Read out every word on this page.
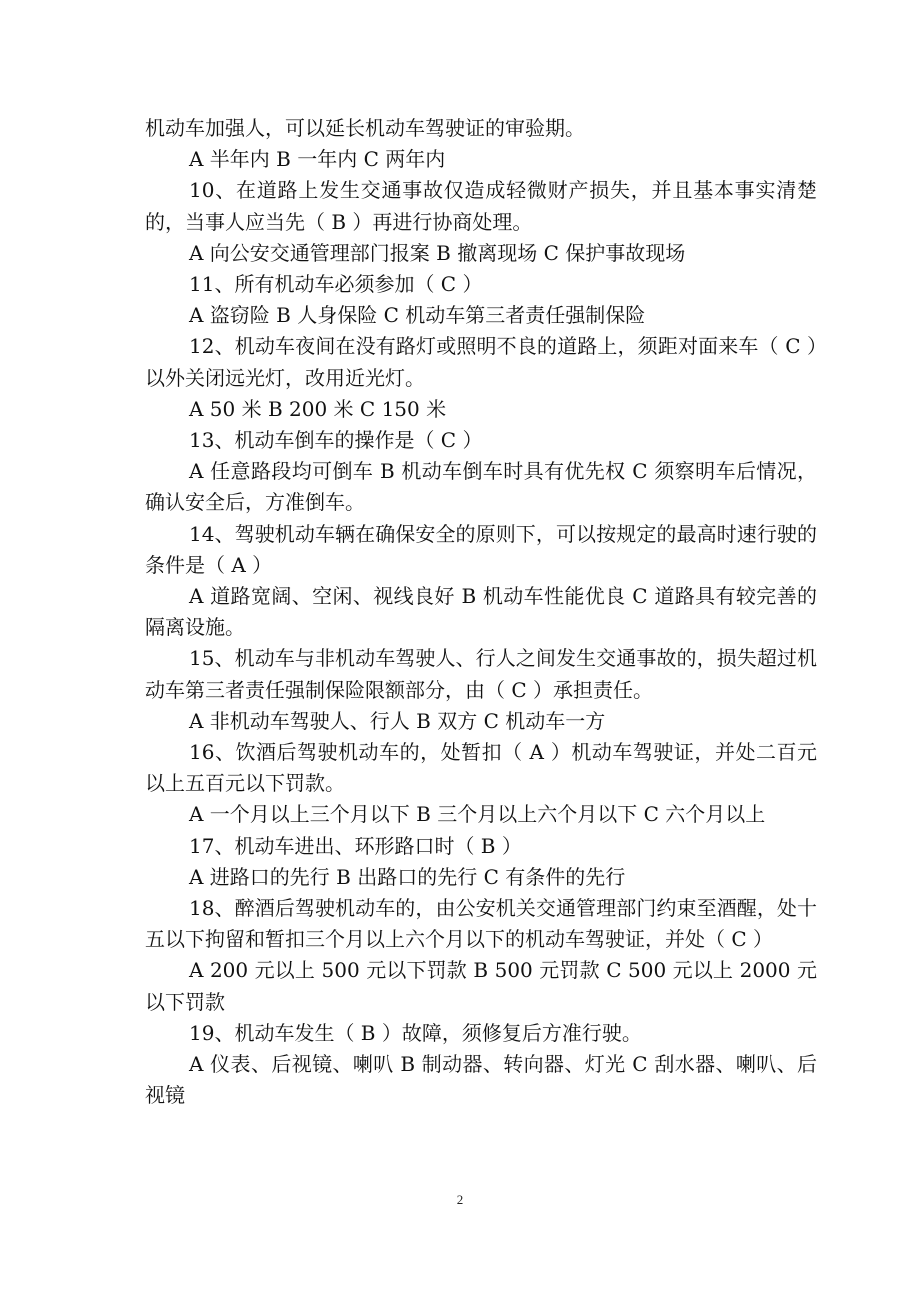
机动车加强人，可以延长机动车驾驶证的审验期。

A 半年内 B 一年内 C 两年内

10、在道路上发生交通事故仅造成轻微财产损失，并且基本事实清楚的，当事人应当先（ B ）再进行协商处理。

A 向公安交通管理部门报案 B 撤离现场 C 保护事故现场

11、所有机动车必须参加（ C ）

A 盗窃险 B 人身保险 C 机动车第三者责任强制保险

12、机动车夜间在没有路灯或照明不良的道路上，须距对面来车（ C ）以外关闭远光灯，改用近光灯。

A 50 米 B 200 米 C 150 米

13、机动车倒车的操作是（ C ）

A 任意路段均可倒车 B 机动车倒车时具有优先权 C 须察明车后情况，确认安全后，方准倒车。

14、驾驶机动车辆在确保安全的原则下，可以按规定的最高时速行驶的条件是（ A ）

A 道路宽阔、空闲、视线良好 B 机动车性能优良 C 道路具有较完善的隔离设施。

15、机动车与非机动车驾驶人、行人之间发生交通事故的，损失超过机动车第三者责任强制保险限额部分，由（ C ）承担责任。

A 非机动车驾驶人、行人 B 双方 C 机动车一方

16、饮酒后驾驶机动车的，处暂扣（ A ）机动车驾驶证，并处二百元以上五百元以下罚款。

A 一个月以上三个月以下 B 三个月以上六个月以下 C 六个月以上

17、机动车进出、环形路口时（ B ）

A 进路口的先行 B 出路口的先行 C 有条件的先行

18、醉酒后驾驶机动车的，由公安机关交通管理部门约束至酒醒，处十五以下拘留和暂扣三个月以上六个月以下的机动车驾驶证，并处（ C ）

A 200 元以上 500 元以下罚款 B 500 元罚款 C 500 元以上 2000 元以下罚款

19、机动车发生（ B ）故障，须修复后方准行驶。

A 仪表、后视镜、喇叭 B 制动器、转向器、灯光 C 刮水器、喇叭、后视镜

2
